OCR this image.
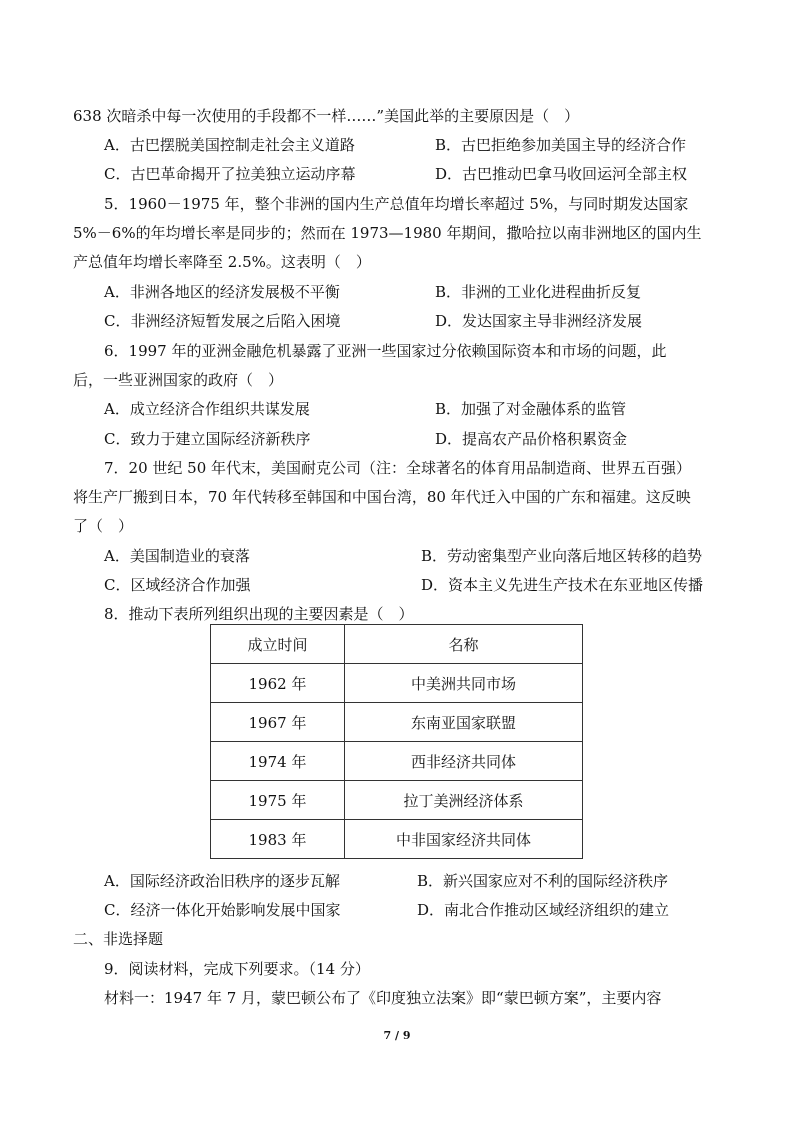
638 次暗杀中每一次使用的手段都不一样……”美国此举的主要原因是（　）
A．古巴摆脱美国控制走社会主义道路	B．古巴拒绝参加美国主导的经济合作
C．古巴革命揭开了拉美独立运动序幕	D．古巴推动巴拿马收回运河全部主权
5．1960－1975 年，整个非洲的国内生产总值年均增长率超过 5%，与同时期发达国家
5%－6%的年均增长率是同步的；然而在 1973—1980 年期间，撒哈拉以南非洲地区的国内生
产总值年均增长率降至 2.5%。这表明（　）
A．非洲各地区的经济发展极不平衡	B．非洲的工业化进程曲折反复
C．非洲经济短暂发展之后陷入困境	D．发达国家主导非洲经济发展
6．1997 年的亚洲金融危机暴露了亚洲一些国家过分依赖国际资本和市场的问题，此
后，一些亚洲国家的政府（　）
A．成立经济合作组织共谋发展	B．加强了对金融体系的监管
C．致力于建立国际经济新秩序	D．提高农产品价格积累资金
7．20 世纪 50 年代末，美国耐克公司（注：全球著名的体育用品制造商、世界五百强）
将生产厂搬到日本，70 年代转移至韩国和中国台湾，80 年代迁入中国的广东和福建。这反映
了（　）
A．美国制造业的衰落	B．劳动密集型产业向落后地区转移的趋势
C．区域经济合作加强	D．资本主义先进生产技术在东亚地区传播
8．推动下表所列组织出现的主要因素是（　）
成立时间	名称
1962 年	中美洲共同市场
1967 年	东南亚国家联盟
1974 年	西非经济共同体
1975 年	拉丁美洲经济体系
1983 年	中非国家经济共同体
A．国际经济政治旧秩序的逐步瓦解	B．新兴国家应对不利的国际经济秩序
C．经济一体化开始影响发展中国家	D．南北合作推动区域经济组织的建立
二、非选择题
9．阅读材料，完成下列要求。（14 分）
材料一：1947 年 7 月，蒙巴顿公布了《印度独立法案》即“蒙巴顿方案”，主要内容
7 / 9
